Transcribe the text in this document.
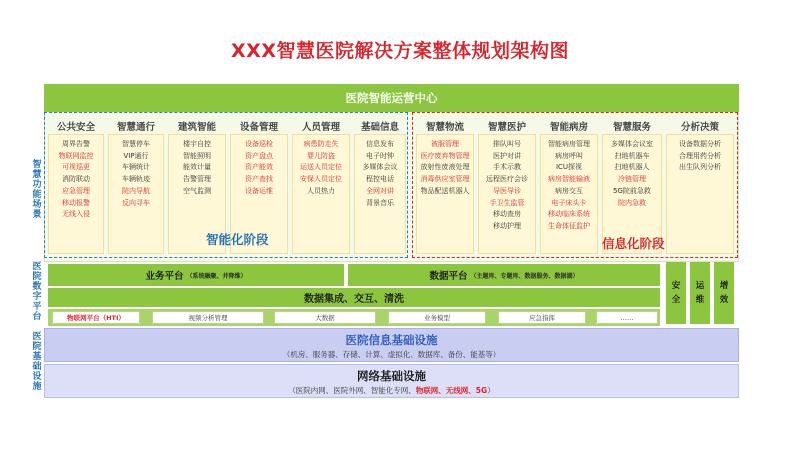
XXX智慧医院解决方案整体规划架构图
智慧功能场景
医院数字平台
医院基础设施
医院智能运营中心
公共安全
周界告警
物联网监控
可视巡更
消防联动
应急管理
移动报警
无线入侵
智慧通行
智慧停车
VIP通行
车辆统计
车辆轨迹
院内导航
反向寻车
建筑智能
楼宇自控
智能照明
能效计量
告警管理
空气监测
设备管理
设备巡检
资产盘点
资产能效
资产查找
设备运维
人员管理
病患防走失
婴儿防盗
运送人员定位
安保人员定位
人员热力
基础信息
信息发布
电子时钟
多媒体会议
程控电话
全网对讲
背景音乐
智慧物流
被服管理
医疗废弃物管理
放射性废液处理
消毒供应室管理
物品配送机器人
智慧医护
排队叫号
医护对讲
手术示教
远程医疗会诊
导医导诊
手卫生监管
移动查房
移动护理
智能病房
智能病房管理
病房呼叫
ICU探视
病房智能输液
病房交互
电子床头卡
移动临床系统
生命体征监护
智慧服务
多媒体会议室
扫地机器车
扫地机器人
冷链管理
5G院前急救
院内急救
分析决策
设备数据分析
合理用药分析
出生队列分析
智能化阶段	信息化阶段
业务平台 （系统融聚、并降维）	数据平台 （主题库、专题库、数据服务、数据湖）
数据集成、交互、清洗
物联网平台（HTI）	视频分析管理	大数据	业务模型	应急指挥	……
安全
运维
增效
医院信息基础设施
（机房、服务器、存储、计算、虚拟化、数据库、备份、能基等）
网络基础设施
（医院内网、医院外网、智能化专网、物联网、无线网、5G）
